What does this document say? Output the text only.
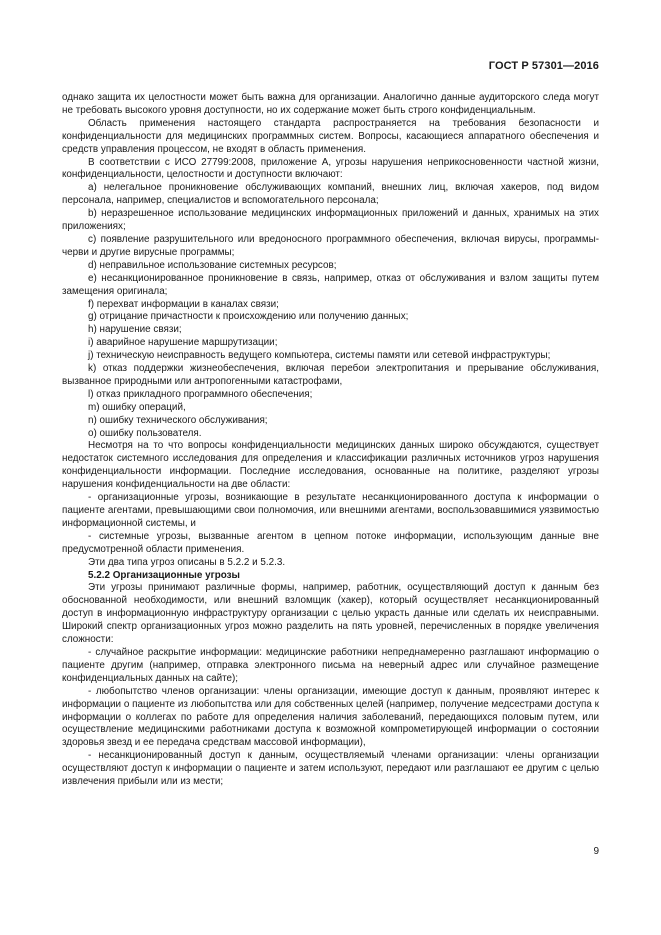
ГОСТ Р 57301—2016

однако защита их целостности может быть важна для организации. Аналогично данные аудиторского следа могут не требовать высокого уровня доступности, но их содержание может быть строго конфиденциальным.

Область применения настоящего стандарта распространяется на требования безопасности и конфиденциальности для медицинских программных систем. Вопросы, касающиеся аппаратного обеспечения и средств управления процессом, не входят в область применения.

В соответствии с ИСО 27799:2008, приложение А, угрозы нарушения неприкосновенности частной жизни, конфиденциальности, целостности и доступности включают:

a) нелегальное проникновение обслуживающих компаний, внешних лиц, включая хакеров, под видом персонала, например, специалистов и вспомогательного персонала;

b) неразрешенное использование медицинских информационных приложений и данных, хранимых на этих приложениях;

c) появление разрушительного или вредоносного программного обеспечения, включая вирусы, программы-черви и другие вирусные программы;

d) неправильное использование системных ресурсов;

e) несанкционированное проникновение в связь, например, отказ от обслуживания и взлом защиты путем замещения оригинала;

f) перехват информации в каналах связи;

g) отрицание причастности к происхождению или получению данных;

h) нарушение связи;

i) аварийное нарушение маршрутизации;

j) техническую неисправность ведущего компьютера, системы памяти или сетевой инфраструктуры;

k) отказ поддержки жизнеобеспечения, включая перебои электропитания и прерывание обслуживания, вызванное природными или антропогенными катастрофами,

l) отказ прикладного программного обеспечения;

m) ошибку операций,

n) ошибку технического обслуживания;

o) ошибку пользователя.

Несмотря на то что вопросы конфиденциальности медицинских данных широко обсуждаются, существует недостаток системного исследования для определения и классификации различных источников угроз нарушения конфиденциальности информации. Последние исследования, основанные на политике, разделяют угрозы нарушения конфиденциальности на две области:

- организационные угрозы, возникающие в результате несанкционированного доступа к информации о пациенте агентами, превышающими свои полномочия, или внешними агентами, воспользовавшимися уязвимостью информационной системы, и

- системные угрозы, вызванные агентом в цепном потоке информации, использующим данные вне предусмотренной области применения.

Эти два типа угроз описаны в 5.2.2 и 5.2.3.

5.2.2 Организационные угрозы

Эти угрозы принимают различные формы, например, работник, осуществляющий доступ к данным без обоснованной необходимости, или внешний взломщик (хакер), который осуществляет несанкционированный доступ в информационную инфраструктуру организации с целью украсть данные или сделать их неисправными. Широкий спектр организационных угроз можно разделить на пять уровней, перечисленных в порядке увеличения сложности:

- случайное раскрытие информации: медицинские работники непреднамеренно разглашают информацию о пациенте другим (например, отправка электронного письма на неверный адрес или случайное размещение конфиденциальных данных на сайте);

- любопытство членов организации: члены организации, имеющие доступ к данным, проявляют интерес к информации о пациенте из любопытства или для собственных целей (например, получение медсестрами доступа к информации о коллегах по работе для определения наличия заболеваний, передающихся половым путем, или осуществление медицинскими работниками доступа к возможной компрометирующей информации о состоянии здоровья звезд и ее передача средствам массовой информации),

- несанкционированный доступ к данным, осуществляемый членами организации: члены организации осуществляют доступ к информации о пациенте и затем используют, передают или разглашают ее другим с целью извлечения прибыли или из мести;

9
